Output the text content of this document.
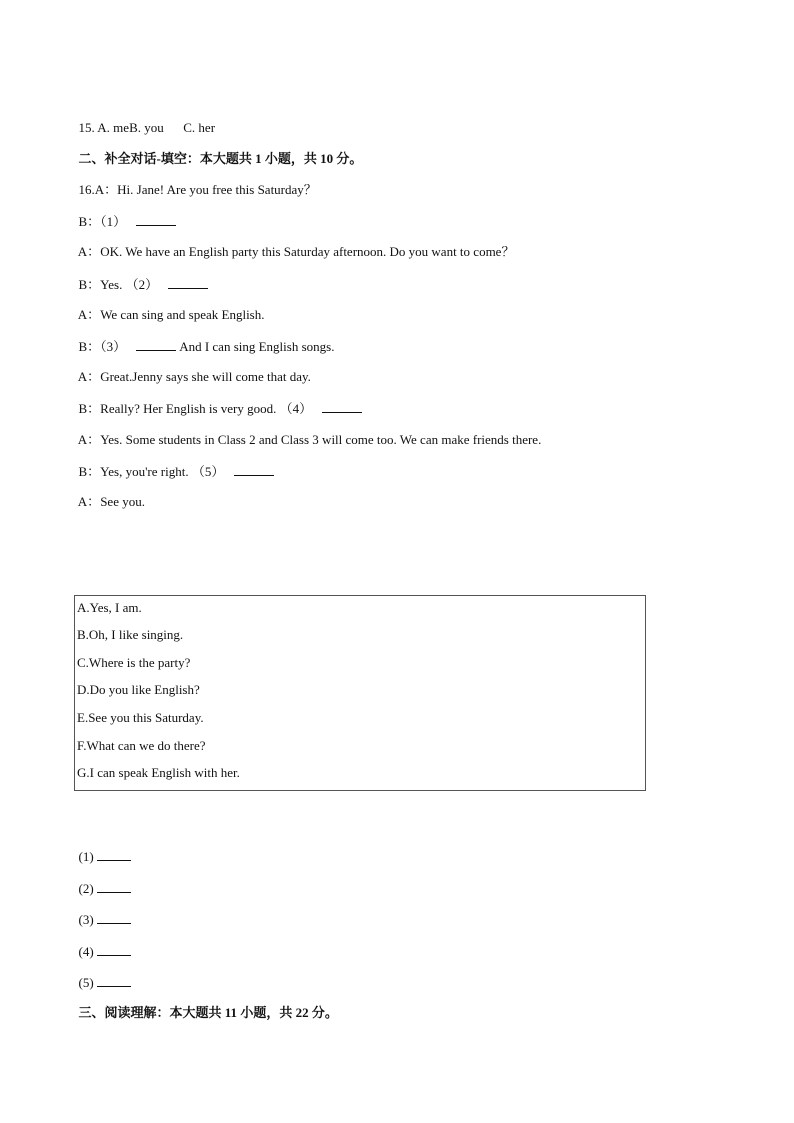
15. A. meB. you C. her

二、补全对话-填空：本大题共 1 小题，共 10 分。

16.A：Hi. Jane! Are you free this Saturday？

B：（1）

A：OK. We have an English party this Saturday afternoon. Do you want to come？

B：Yes. （2）

A：We can sing and speak English.

B：（3）	And I can sing English songs.

A：Great.Jenny says she will come that day.

B：Really? Her English is very good. （4）

A：Yes. Some students in Class 2 and Class 3 will come too. We can make friends there.

B：Yes, you're right. （5）

A：See you.

A.Yes, I am.
B.Oh, I like singing.
C.Where is the party?
D.Do you like English?
E.See you this Saturday.
F.What can we do there?
G.I can speak English with her.

(1)

(2)

(3)

(4)

(5)

三、阅读理解：本大题共 11 小题，共 22 分。
